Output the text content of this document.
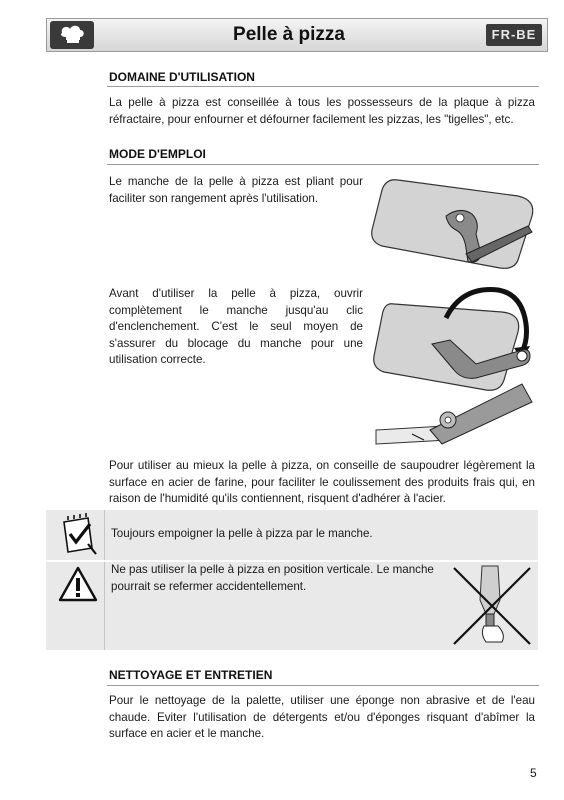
Pelle à pizza	FR-BE
DOMAINE D'UTILISATION
La pelle à pizza est conseillée à tous les possesseurs de la plaque à pizza réfractaire, pour enfourner et défourner facilement les pizzas, les "tigelles", etc.
MODE D'EMPLOI
Le manche de la pelle à pizza est pliant pour faciliter son rangement après l'utilisation.
Avant d'utiliser la pelle à pizza, ouvrir complètement le manche jusqu'au clic d'enclenchement. C'est le seul moyen de s'assurer du blocage du manche pour une utilisation correcte.
Pour utiliser au mieux la pelle à pizza, on conseille de saupoudrer légèrement la surface en acier de farine, pour faciliter le coulissement des produits frais qui, en raison de l'humidité qu'ils contiennent, risquent d'adhérer à l'acier.
Toujours empoigner la pelle à pizza par le manche.
Ne pas utiliser la pelle à pizza en position verticale. Le manche pourrait se refermer accidentellement.
NETTOYAGE ET ENTRETIEN
Pour le nettoyage de la palette, utiliser une éponge non abrasive et de l'eau chaude. Eviter l'utilisation de détergents et/ou d'éponges risquant d'abîmer la surface en acier et le manche.
5
